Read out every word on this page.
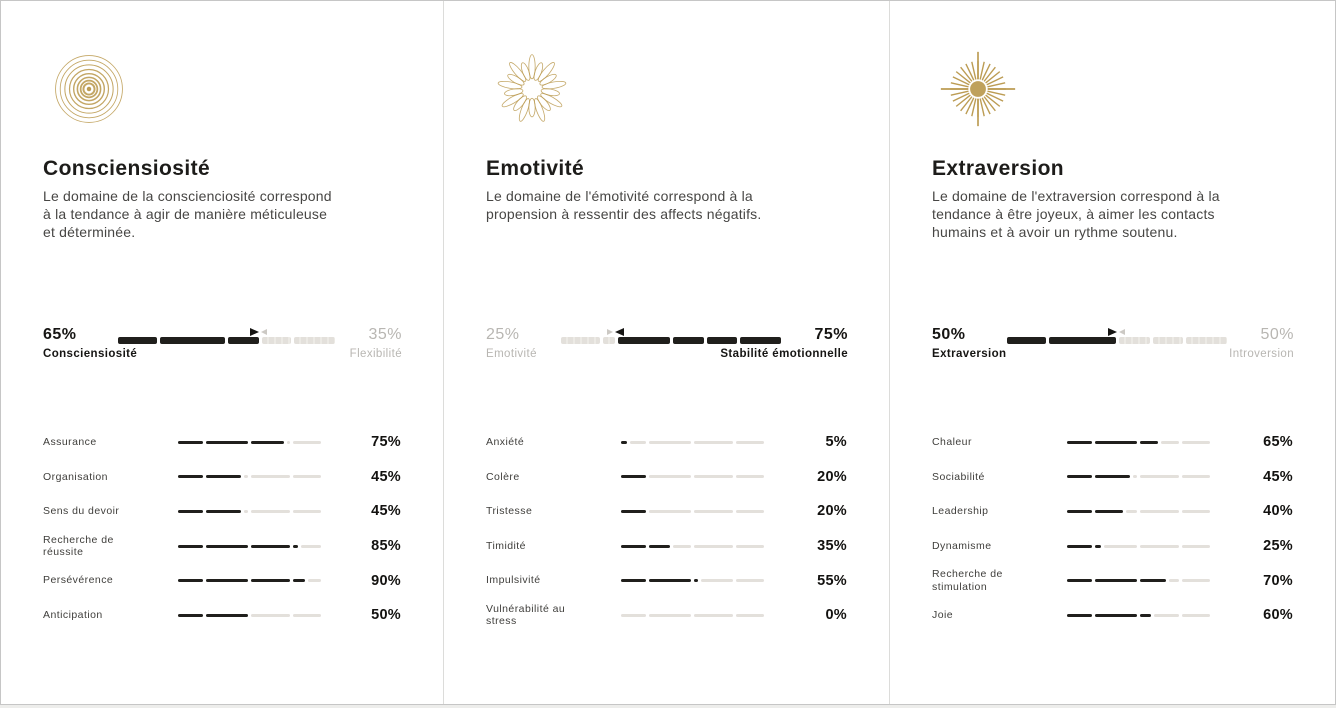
Consciensiosité

Le domaine de la conscienciosité correspond à la tendance à agir de manière méticuleuse et déterminée.

65%
Consciensiosité
35%
Flexibilité
Assurance	75%
Organisation	45%
Sens du devoir	45%
Recherche de réussite	85%
Persévérence	90%
Anticipation	50%
Emotivité

Le domaine de l'émotivité correspond à la propension à ressentir des affects négatifs.

25%
Emotivité
75%
Stabilité émotionnelle
Anxiété	5%
Colère	20%
Tristesse	20%
Timidité	35%
Impulsivité	55%
Vulnérabilité au stress	0%
Extraversion

Le domaine de l'extraversion correspond à la tendance à être joyeux, à aimer les contacts humains et à avoir un rythme soutenu.

50%
Extraversion
50%
Introversion
Chaleur	65%
Sociabilité	45%
Leadership	40%
Dynamisme	25%
Recherche de stimulation	70%
Joie	60%
